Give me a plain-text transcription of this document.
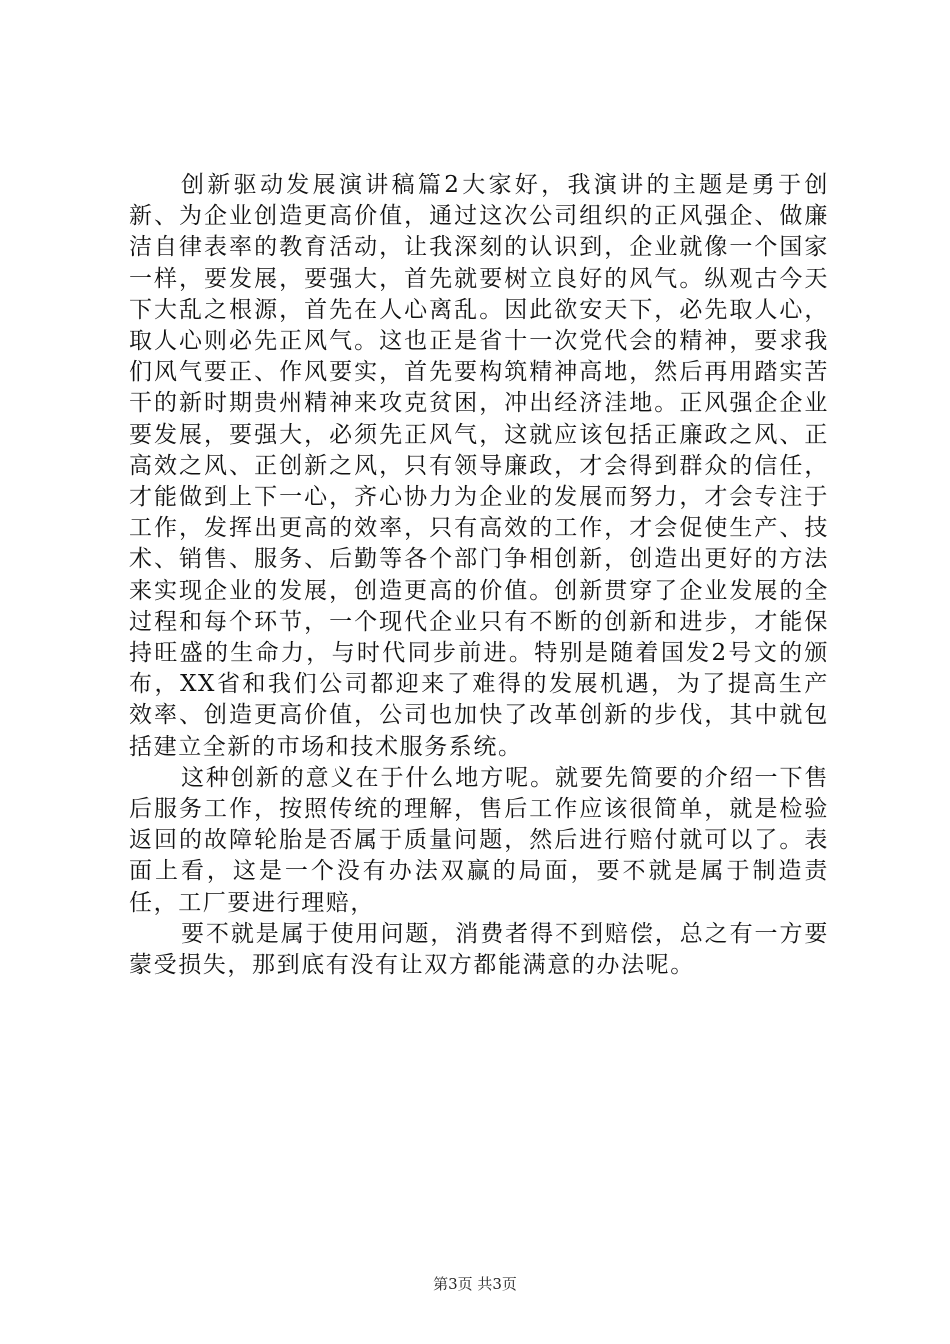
创新驱动发展演讲稿篇2大家好，我演讲的主题是勇于创新、为企业创造更高价值，通过这次公司组织的正风强企、做廉洁自律表率的教育活动，让我深刻的认识到，企业就像一个国家一样，要发展，要强大，首先就要树立良好的风气。纵观古今天下大乱之根源，首先在人心离乱。因此欲安天下，必先取人心，取人心则必先正风气。这也正是省十一次党代会的精神，要求我们风气要正、作风要实，首先要构筑精神高地，然后再用踏实苦干的新时期贵州精神来攻克贫困，冲出经济洼地。正风强企企业要发展，要强大，必须先正风气，这就应该包括正廉政之风、正高效之风、正创新之风，只有领导廉政，才会得到群众的信任，才能做到上下一心，齐心协力为企业的发展而努力，才会专注于工作，发挥出更高的效率，只有高效的工作，才会促使生产、技术、销售、服务、后勤等各个部门争相创新，创造出更好的方法来实现企业的发展，创造更高的价值。创新贯穿了企业发展的全过程和每个环节，一个现代企业只有不断的创新和进步，才能保持旺盛的生命力，与时代同步前进。特别是随着国发2号文的颁布，XX省和我们公司都迎来了难得的发展机遇，为了提高生产效率、创造更高价值，公司也加快了改革创新的步伐，其中就包括建立全新的市场和技术服务系统。

这种创新的意义在于什么地方呢。就要先简要的介绍一下售后服务工作，按照传统的理解，售后工作应该很简单，就是检验返回的故障轮胎是否属于质量问题，然后进行赔付就可以了。表面上看，这是一个没有办法双赢的局面，要不就是属于制造责任，工厂要进行理赔，

要不就是属于使用问题，消费者得不到赔偿，总之有一方要蒙受损失，那到底有没有让双方都能满意的办法呢。

第3页 共3页
